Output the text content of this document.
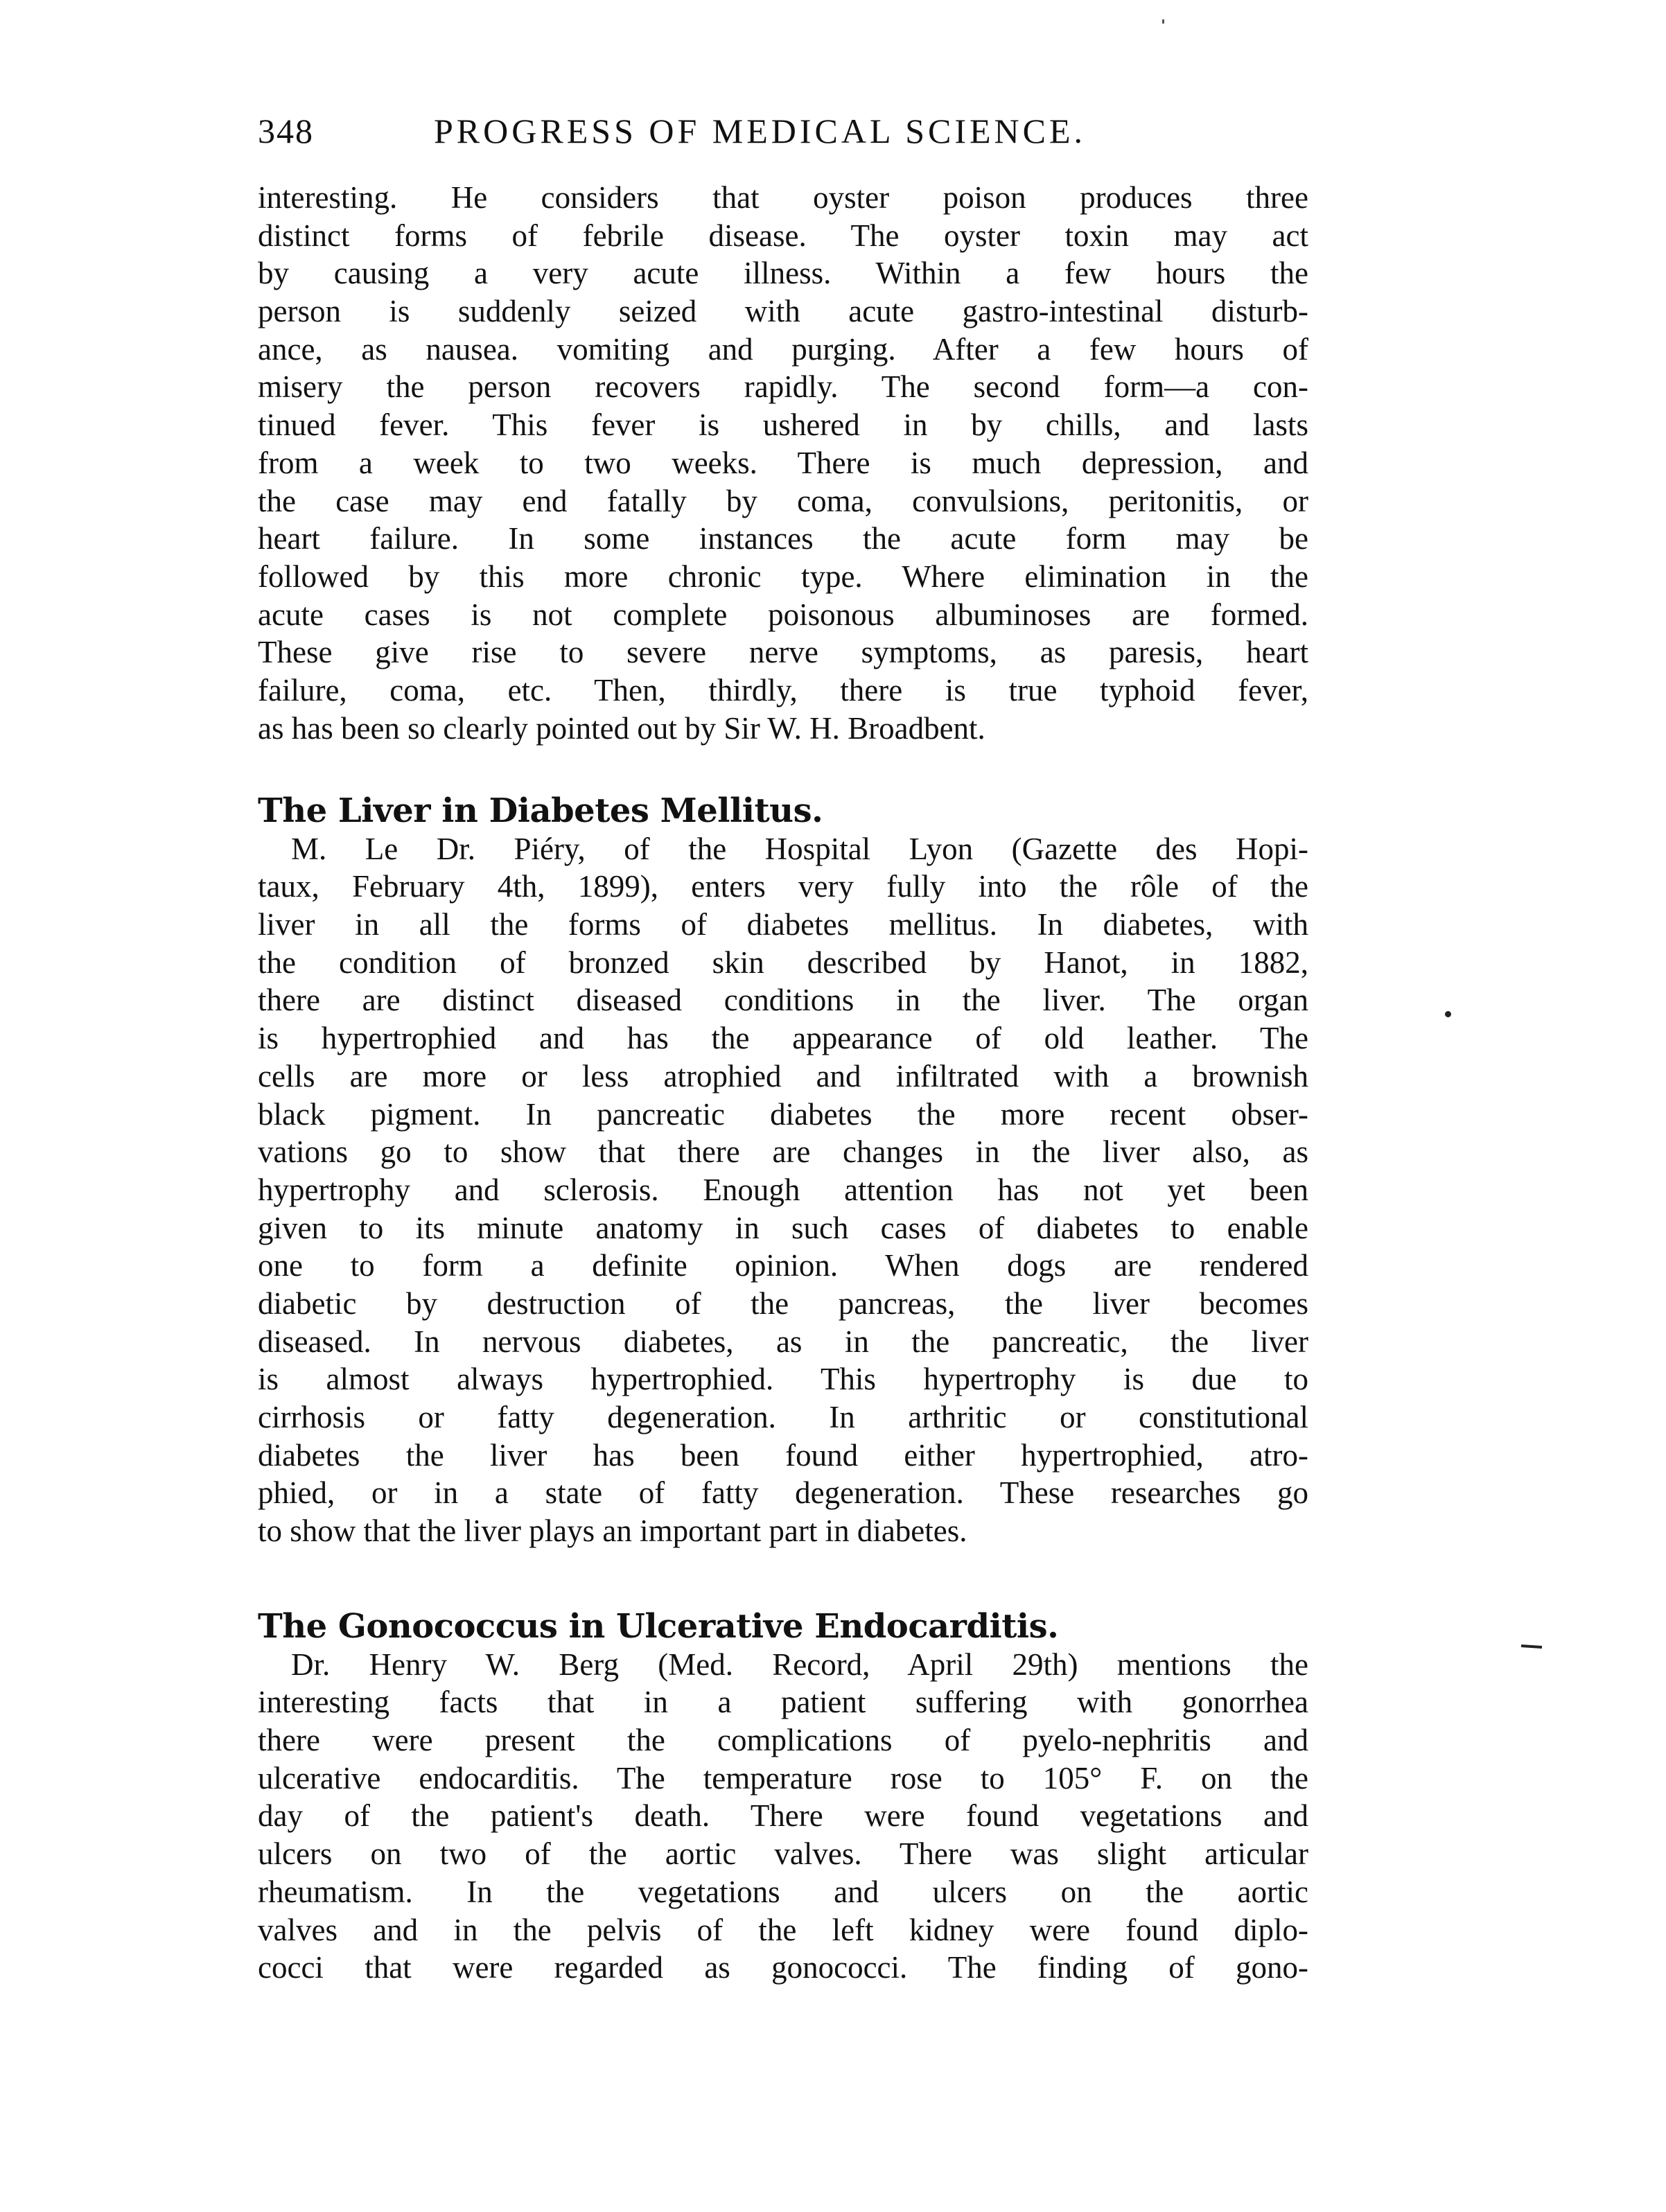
348	PROGRESS OF MEDICAL SCIENCE.
interesting. He considers that oyster poison produces three
distinct forms of febrile disease. The oyster toxin may act
by causing a very acute illness. Within a few hours the
person is suddenly seized with acute gastro-intestinal disturb-
ance, as nausea. vomiting and purging. After a few hours of
misery the person recovers rapidly. The second form—a con-
tinued fever. This fever is ushered in by chills, and lasts
from a week to two weeks. There is much depression, and
the case may end fatally by coma, convulsions, peritonitis, or
heart failure. In some instances the acute form may be
followed by this more chronic type. Where elimination in the
acute cases is not complete poisonous albuminoses are formed.
These give rise to severe nerve symptoms, as paresis, heart
failure, coma, etc. Then, thirdly, there is true typhoid fever,
as has been so clearly pointed out by Sir W. H. Broadbent.
The Liver in Diabetes Mellitus.
M. Le Dr. Piéry, of the Hospital Lyon (Gazette des Hopi-
taux, February 4th, 1899), enters very fully into the rôle of the
liver in all the forms of diabetes mellitus. In diabetes, with
the condition of bronzed skin described by Hanot, in 1882,
there are distinct diseased conditions in the liver. The organ
is hypertrophied and has the appearance of old leather. The
cells are more or less atrophied and infiltrated with a brownish
black pigment. In pancreatic diabetes the more recent obser-
vations go to show that there are changes in the liver also, as
hypertrophy and sclerosis. Enough attention has not yet been
given to its minute anatomy in such cases of diabetes to enable
one to form a definite opinion. When dogs are rendered
diabetic by destruction of the pancreas, the liver becomes
diseased. In nervous diabetes, as in the pancreatic, the liver
is almost always hypertrophied. This hypertrophy is due to
cirrhosis or fatty degeneration. In arthritic or constitutional
diabetes the liver has been found either hypertrophied, atro-
phied, or in a state of fatty degeneration. These researches go
to show that the liver plays an important part in diabetes.
The Gonococcus in Ulcerative Endocarditis.
Dr. Henry W. Berg (Med. Record, April 29th) mentions the
interesting facts that in a patient suffering with gonorrhea
there were present the complications of pyelo-nephritis and
ulcerative endocarditis. The temperature rose to 105° F. on the
day of the patient's death. There were found vegetations and
ulcers on two of the aortic valves. There was slight articular
rheumatism. In the vegetations and ulcers on the aortic
valves and in the pelvis of the left kidney were found diplo-
cocci that were regarded as gonococci. The finding of gono-
